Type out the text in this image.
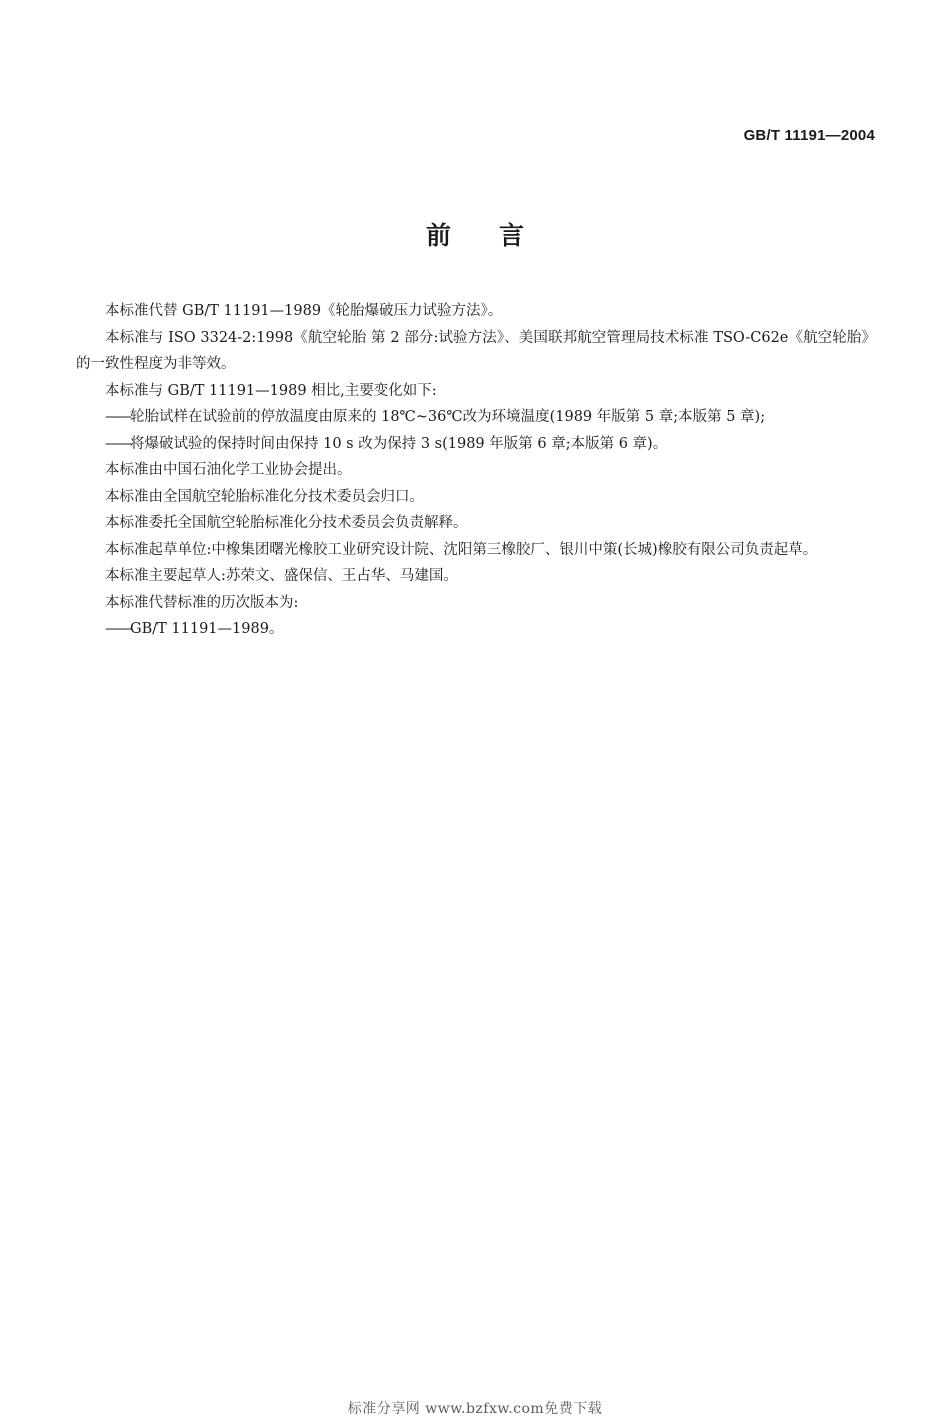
GB/T 11191—2004
前言

本标准代替 GB/T 11191—1989《轮胎爆破压力试验方法》。

本标准与 ISO 3324-2:1998《航空轮胎 第 2 部分:试验方法》、美国联邦航空管理局技术标准 TSO-C62e《航空轮胎》的一致性程度为非等效。

本标准与 GB/T 11191—1989 相比,主要变化如下:

——轮胎试样在试验前的停放温度由原来的 18℃~36℃改为环境温度(1989 年版第 5 章;本版第 5 章);

——将爆破试验的保持时间由保持 10 s 改为保持 3 s(1989 年版第 6 章;本版第 6 章)。

本标准由中国石油化学工业协会提出。

本标准由全国航空轮胎标准化分技术委员会归口。

本标准委托全国航空轮胎标准化分技术委员会负责解释。

本标准起草单位:中橡集团曙光橡胶工业研究设计院、沈阳第三橡胶厂、银川中策(长城)橡胶有限公司负责起草。

本标准主要起草人:苏荣文、盛保信、王占华、马建国。

本标准代替标准的历次版本为:

——GB/T 11191—1989。

标准分享网 www.bzfxw.com免费下载
